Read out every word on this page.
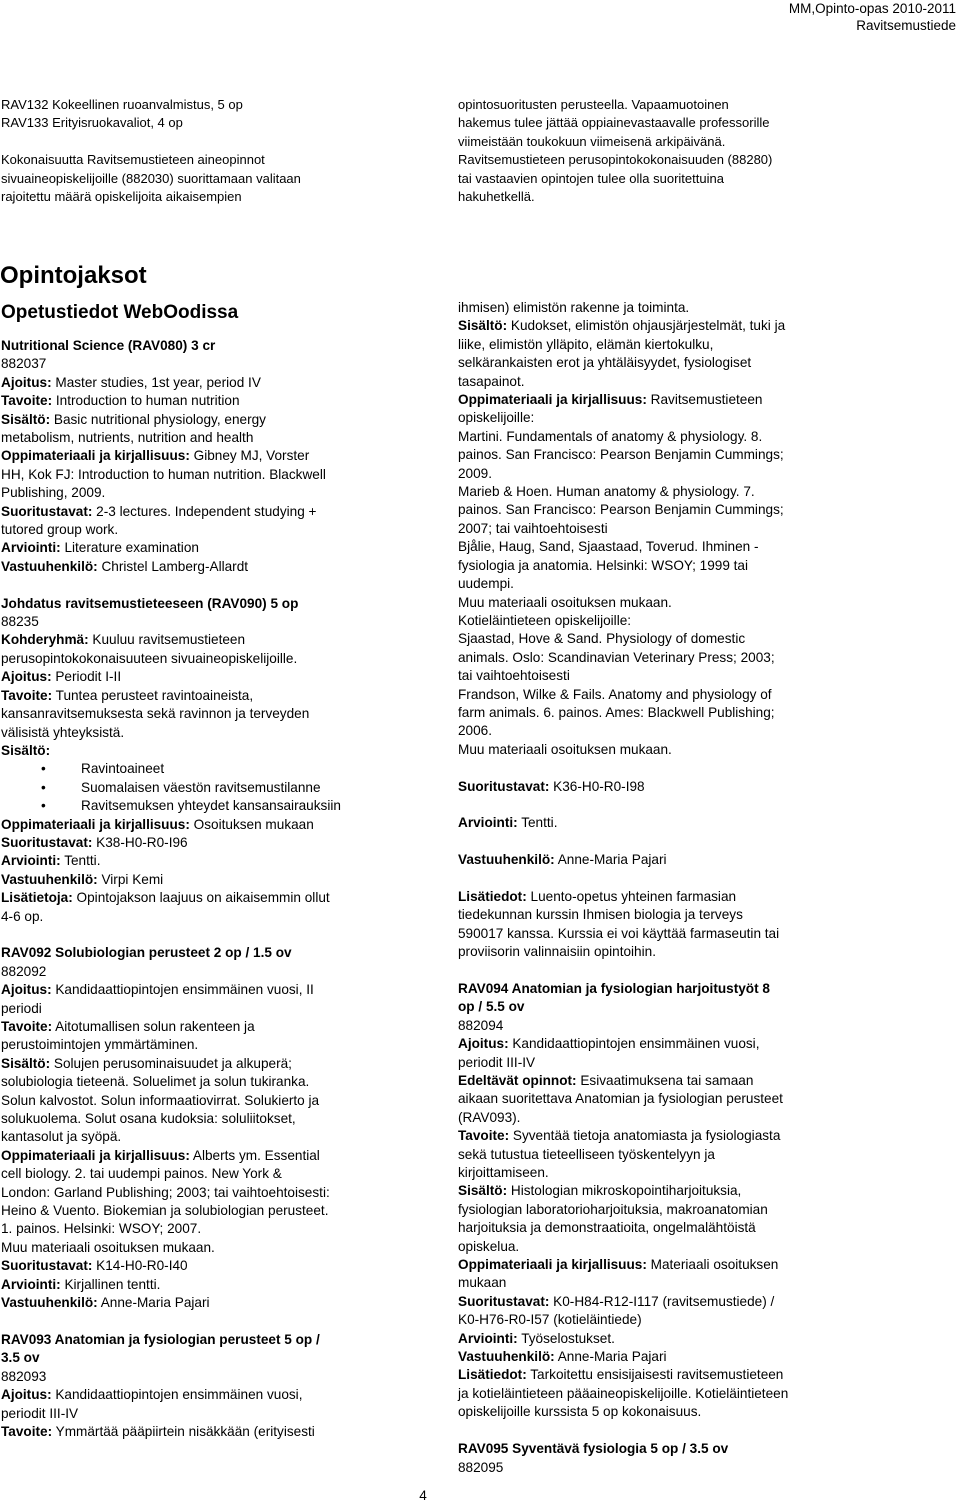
MM,Opinto-opas 2010-2011
Ravitsemustiede

RAV132 Kokeellinen ruoanvalmistus, 5 op

RAV133 Erityisruokavaliot, 4 op

Kokonaisuutta Ravitsemustieteen aineopinnot

sivuaineopiskelijoille (882030) suorittamaan valitaan

rajoitettu määrä opiskelijoita aikaisempien

opintosuoritusten perusteella. Vapaamuotoinen

hakemus tulee jättää oppiainevastaavalle professorille

viimeistään toukokuun viimeisenä arkipäivänä.

Ravitsemustieteen perusopintokokonaisuuden (88280)

tai vastaavien opintojen tulee olla suoritettuina

hakuhetkellä.

Opintojaksot
Opetustiedot WebOodissa

Nutritional Science (RAV080) 3 cr

882037

Ajoitus: Master studies, 1st year, period IV

Tavoite: Introduction to human nutrition

Sisältö: Basic nutritional physiology, energy

metabolism, nutrients, nutrition and health

Oppimateriaali ja kirjallisuus: Gibney MJ, Vorster

HH, Kok FJ: Introduction to human nutrition. Blackwell

Publishing, 2009.

Suoritustavat: 2-3 lectures. Independent studying +

tutored group work.

Arviointi: Literature examination

Vastuuhenkilö: Christel Lamberg-Allardt

Johdatus ravitsemustieteeseen (RAV090) 5 op

88235

Kohderyhmä: Kuuluu ravitsemustieteen

perusopintokokonaisuuteen sivuaineopiskelijoille.

Ajoitus: Periodit I-II

Tavoite: Tuntea perusteet ravintoaineista,

kansanravitsemuksesta sekä ravinnon ja terveyden

välisistä yhteyksistä.

Sisältö:

• Ravintoaineet
• Suomalaisen väestön ravitsemustilanne
• Ravitsemuksen yhteydet kansansairauksiin

Oppimateriaali ja kirjallisuus: Osoituksen mukaan

Suoritustavat: K38-H0-R0-I96

Arviointi: Tentti.

Vastuuhenkilö: Virpi Kemi

Lisätietoja: Opintojakson laajuus on aikaisemmin ollut

4-6 op.

RAV092 Solubiologian perusteet 2 op / 1.5 ov

882092

Ajoitus: Kandidaattiopintojen ensimmäinen vuosi, II

periodi

Tavoite: Aitotumallisen solun rakenteen ja

perustoimintojen ymmärtäminen.

Sisältö: Solujen perusominaisuudet ja alkuperä;

solubiologia tieteenä. Soluelimet ja solun tukiranka.

Solun kalvostot. Solun informaatiovirrat. Solukierto ja

solukuolema. Solut osana kudoksia: soluliitokset,

kantasolut ja syöpä.

Oppimateriaali ja kirjallisuus: Alberts ym. Essential

cell biology. 2. tai uudempi painos. New York &

London: Garland Publishing; 2003; tai vaihtoehtoisesti:

Heino & Vuento. Biokemian ja solubiologian perusteet.

1. painos. Helsinki: WSOY; 2007.

Muu materiaali osoituksen mukaan.

Suoritustavat: K14-H0-R0-I40

Arviointi: Kirjallinen tentti.

Vastuuhenkilö: Anne-Maria Pajari

RAV093 Anatomian ja fysiologian perusteet 5 op /

3.5 ov

882093

Ajoitus: Kandidaattiopintojen ensimmäinen vuosi,

periodit III-IV

Tavoite: Ymmärtää pääpiirtein nisäkkään (erityisesti

ihmisen) elimistön rakenne ja toiminta.

Sisältö: Kudokset, elimistön ohjausjärjestelmät, tuki ja

liike, elimistön ylläpito, elämän kiertokulku,

selkärankaisten erot ja yhtäläisyydet, fysiologiset

tasapainot.

Oppimateriaali ja kirjallisuus: Ravitsemustieteen

opiskelijoille:

Martini. Fundamentals of anatomy & physiology. 8.

painos. San Francisco: Pearson Benjamin Cummings;

2009.

Marieb & Hoen. Human anatomy & physiology. 7.

painos. San Francisco: Pearson Benjamin Cummings;

2007; tai vaihtoehtoisesti

Bjålie, Haug, Sand, Sjaastaad, Toverud. Ihminen -

fysiologia ja anatomia. Helsinki: WSOY; 1999 tai

uudempi.

Muu materiaali osoituksen mukaan.

Kotieläintieteen opiskelijoille:

Sjaastad, Hove & Sand. Physiology of domestic

animals. Oslo: Scandinavian Veterinary Press; 2003;

tai vaihtoehtoisesti

Frandson, Wilke & Fails. Anatomy and physiology of

farm animals. 6. painos. Ames: Blackwell Publishing;

2006.

Muu materiaali osoituksen mukaan.

Suoritustavat: K36-H0-R0-I98

Arviointi: Tentti.

Vastuuhenkilö: Anne-Maria Pajari

Lisätiedot: Luento-opetus yhteinen farmasian

tiedekunnan kurssin Ihmisen biologia ja terveys

590017 kanssa. Kurssia ei voi käyttää farmaseutin tai

proviisorin valinnaisiin opintoihin.

RAV094 Anatomian ja fysiologian harjoitustyöt 8

op / 5.5 ov

882094

Ajoitus: Kandidaattiopintojen ensimmäinen vuosi,

periodit III-IV

Edeltävät opinnot: Esivaatimuksena tai samaan

aikaan suoritettava Anatomian ja fysiologian perusteet

(RAV093).

Tavoite: Syventää tietoja anatomiasta ja fysiologiasta

sekä tutustua tieteelliseen työskentelyyn ja

kirjoittamiseen.

Sisältö: Histologian mikroskopointiharjoituksia,

fysiologian laboratorioharjoituksia, makroanatomian

harjoituksia ja demonstraatioita, ongelmalähtöistä

opiskelua.

Oppimateriaali ja kirjallisuus: Materiaali osoituksen

mukaan

Suoritustavat: K0-H84-R12-I117 (ravitsemustiede) /

K0-H76-R0-I57 (kotieläintiede)

Arviointi: Työselostukset.

Vastuuhenkilö: Anne-Maria Pajari

Lisätiedot: Tarkoitettu ensisijaisesti ravitsemustieteen

ja kotieläintieteen pääaineopiskelijoille. Kotieläintieteen

opiskelijoille kurssista 5 op kokonaisuus.

RAV095 Syventävä fysiologia 5 op / 3.5 ov

882095

4
